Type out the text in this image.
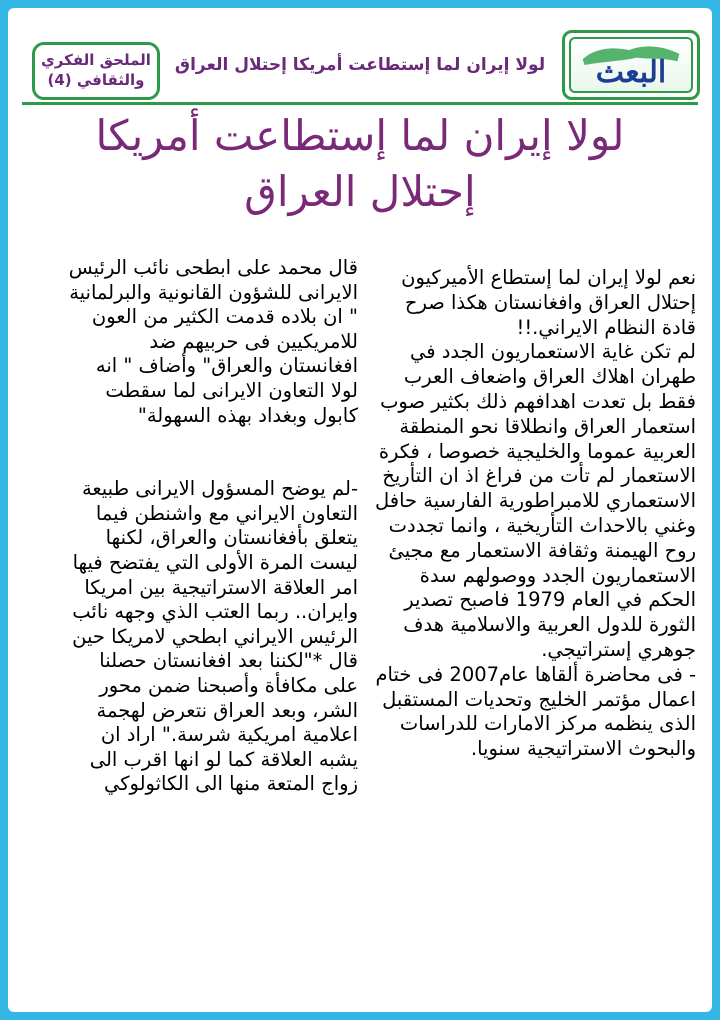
البعث
لولا إيران لما إستطاعت أمريكا إحتلال العراق
الملحق الفكري
والثقافي (4)
لولا إيران لما إستطاعت أمريكا
إحتلال العراق

نعم لولا إيران لما إستطاع الأميركيون إحتلال العراق وافغانستان هكذا صرح قادة النظام الايراني.!!

لم تكن غاية الاستعماريون الجدد في طهران اهلاك العراق واضعاف العرب فقط بل تعدت اهدافهم ذلك بكثير صوب استعمار العراق وانطلاقا نحو المنطقة العربية عموما والخليجية خصوصا ، فكرة الاستعمار لم تأت من فراغ اذ ان التأريخ الاستعماري للامبراطورية الفارسية حافل وغني بالاحداث التأريخية ، وانما تجددت روح الهيمنة وثقافة الاستعمار مع مجيئ الاستعماريون الجدد ووصولهم سدة الحكم في العام 1979 فاصبح تصدير الثورة للدول العربية والاسلامية هدف جوهري إستراتيجي.

- فى محاضرة ألقاها عام2007 فى ختام اعمال مؤتمر الخليج وتحديات المستقبل الذى ينظمه مركز الامارات للدراسات والبحوث الاستراتيجية سنويا.

قال محمد على ابطحى نائب الرئيس الايرانى للشؤون القانونية والبرلمانية " ان بلاده قدمت الكثير من العون للامريكيين فى حربيهم ضد افغانستان والعراق" وأضاف " انه لولا التعاون الايرانى لما سقطت كابول وبغداد بهذه السهولة"

-لم يوضح المسؤول الايرانى طبيعة التعاون الايراني مع واشنطن فيما يتعلق بأفغانستان والعراق، لكنها ليست المرة الأولى التي يفتضح فيها امر العلاقة الاستراتيجية بين امريكا وايران.. ربما العتب الذي وجهه نائب الرئيس الايراني ابطحي لامريكا حين قال *"لكننا بعد افغانستان حصلنا على مكافأة وأصبحنا ضمن محور الشر، وبعد العراق نتعرض لهجمة اعلامية امريكية شرسة." اراد ان يشبه العلاقة كما لو انها اقرب الى زواج المتعة منها الى الكاثولوكي
